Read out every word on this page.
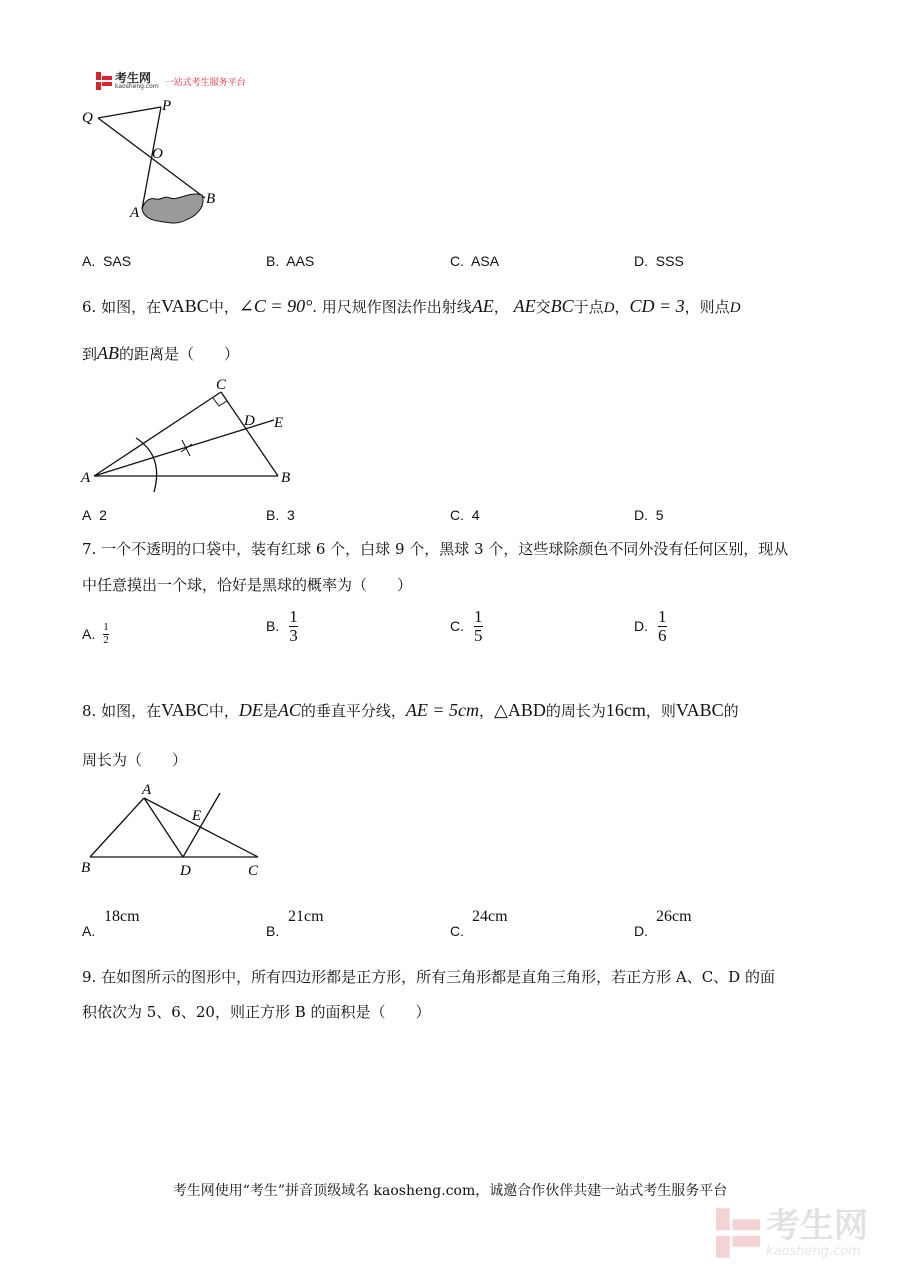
考生网
kaosheng.com 一站式考生服务平台
Q
P
O
A
B
A. SAS	B. AAS	C. ASA	D. SSS
6. 如图，在VABC中，∠C = 90°. 用尺规作图法作出射线AE， AE交BC于点D，CD = 3，则点D
到AB的距离是（　　）
C
D E
A	B
A 2	B. 3	C. 4	D. 5
7. 一个不透明的口袋中，装有红球 6 个，白球 9 个，黑球 3 个，这些球除颜色不同外没有任何区别，现从
中任意摸出一个球，恰好是黑球的概率为（　　）
A. $\frac{1}{2}$	B. $\frac{1}{3}$	C. $\frac{1}{5}$	D. $\frac{1}{6}$
8. 如图，在VABC中，DE是AC的垂直平分线，AE = 5cm，△ABD的周长为16cm，则VABC的
周长为（　　）
A
E
B	D	C
A.
18cm
B.
21cm
C.
24cm
D.
26cm
9. 在如图所示的图形中，所有四边形都是正方形，所有三角形都是直角三角形，若正方形 A、C、D 的面
积依次为 5、6、20，则正方形 B 的面积是（　　）
考生网使用“考生”拼音顶级域名 kaosheng.com，诚邀合作伙伴共建一站式考生服务平台
考生网
kaosheng.com
